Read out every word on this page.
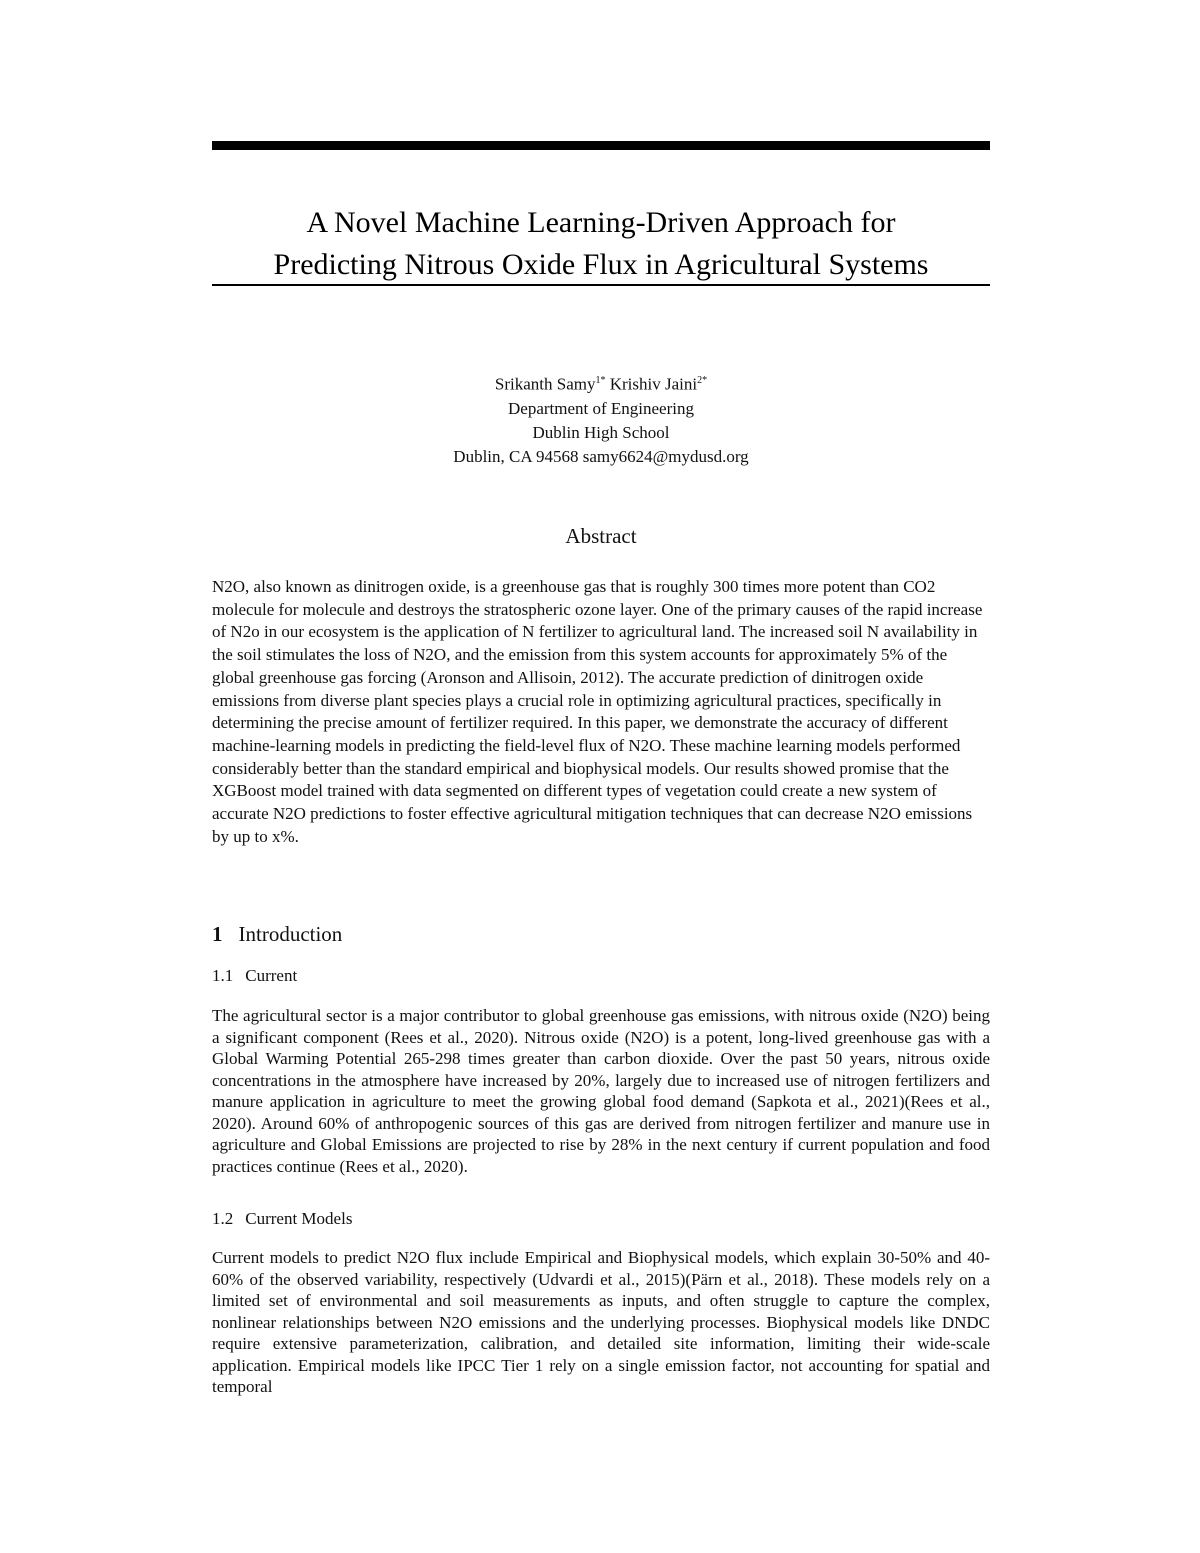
A Novel Machine Learning-Driven Approach for
Predicting Nitrous Oxide Flux in Agricultural Systems
Srikanth Samy$^{1*}$ Krishiv Jaini$^{2*}$
Department of Engineering
Dublin High School
Dublin, CA 94568 samy6624@mydusd.org
Abstract

N2O, also known as dinitrogen oxide, is a greenhouse gas that is roughly 300 times more potent than CO2 molecule for molecule and destroys the stratospheric ozone layer. One of the primary causes of the rapid increase of N2o in our ecosystem is the application of N fertilizer to agricultural land. The increased soil N availability in the soil stimulates the loss of N2O, and the emission from this system accounts for approximately 5% of the global greenhouse gas forcing (Aronson and Allisoin, 2012). The accurate prediction of dinitrogen oxide emissions from diverse plant species plays a crucial role in optimizing agricultural practices, specifically in determining the precise amount of fertilizer required. In this paper, we demonstrate the accuracy of different machine-learning models in predicting the field-level flux of N2O. These machine learning models performed considerably better than the standard empirical and biophysical models. Our results showed promise that the XGBoost model trained with data segmented on different types of vegetation could create a new system of accurate N2O predictions to foster effective agricultural mitigation techniques that can decrease N2O emissions by up to x%.

1 Introduction
1.1 Current

The agricultural sector is a major contributor to global greenhouse gas emissions, with nitrous oxide (N2O) being a significant component (Rees et al., 2020). Nitrous oxide (N2O) is a potent, long-lived greenhouse gas with a Global Warming Potential 265-298 times greater than carbon dioxide. Over the past 50 years, nitrous oxide concentrations in the atmosphere have increased by 20%, largely due to increased use of nitrogen fertilizers and manure application in agriculture to meet the growing global food demand (Sapkota et al., 2021)(Rees et al., 2020). Around 60% of anthropogenic sources of this gas are derived from nitrogen fertilizer and manure use in agriculture and Global Emissions are projected to rise by 28% in the next century if current population and food practices continue (Rees et al., 2020).

1.2 Current Models

Current models to predict N2O flux include Empirical and Biophysical models, which explain 30-50% and 40-60% of the observed variability, respectively (Udvardi et al., 2015)(Pärn et al., 2018). These models rely on a limited set of environmental and soil measurements as inputs, and often struggle to capture the complex, nonlinear relationships between N2O emissions and the underlying processes. Biophysical models like DNDC require extensive parameterization, calibration, and detailed site information, limiting their wide-scale application. Empirical models like IPCC Tier 1 rely on a single emission factor, not accounting for spatial and temporal
